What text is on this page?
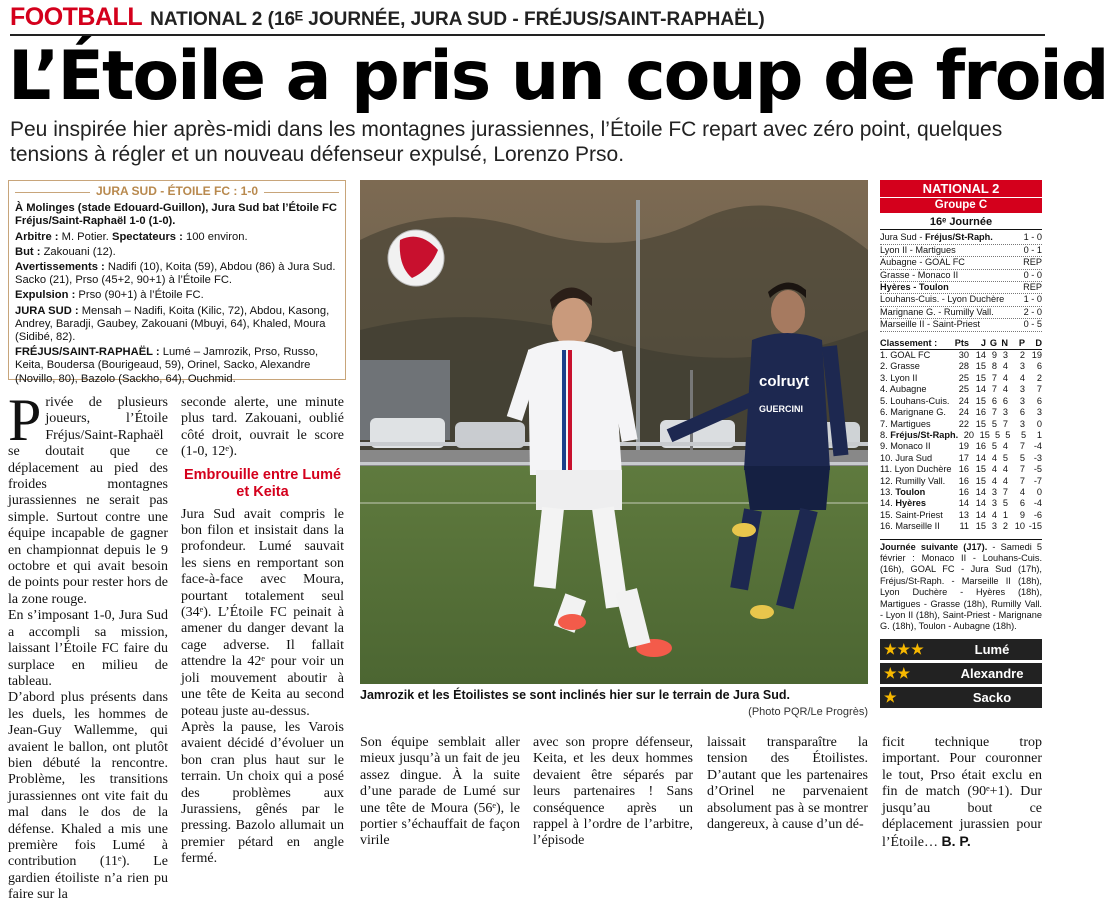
FOOTBALL NATIONAL 2 (16ᴱ JOURNÉE, JURA SUD - FRÉJUS/SAINT-RAPHAËL)
L’Étoile a pris un coup de froid

Peu inspirée hier après-midi dans les montagnes jurassiennes, l’Étoile FC repart avec zéro point, quelques tensions à régler et un nouveau défenseur expulsé, Lorenzo Prso.

JURA SUD - ÉTOILE FC : 1-0

À Molinges (stade Edouard-Guillon), Jura Sud bat l’Étoile FC Fréjus/Saint-Raphaël 1-0 (1-0).

Arbitre : M. Potier. Spectateurs : 100 environ.

But : Zakouani (12).

Avertissements : Nadifi (10), Koita (59), Abdou (86) à Jura Sud. Sacko (21), Prso (45+2, 90+1) à l’Étoile FC.

Expulsion : Prso (90+1) à l’Étoile FC.

JURA SUD : Mensah – Nadifi, Koita (Kilic, 72), Abdou, Kasong, Andrey, Baradji, Gaubey, Zakouani (Mbuyi, 64), Khaled, Moura (Sidibé, 82).

FRÉJUS/SAINT-RAPHAËL : Lumé – Jamrozik, Prso, Russo, Keita, Boudersa (Bourigeaud, 59), Orinel, Sacko, Alexandre (Novillo, 80), Bazolo (Sackho, 64), Ouchmid.

P rivée de plusieurs joueurs, l’Étoile Fréjus/Saint-Raphaël se doutait que ce déplacement au pied des froides montagnes jurassiennes ne serait pas simple. Surtout contre une équipe incapable de gagner en championnat depuis le 9 octobre et qui avait besoin de points pour rester hors de la zone rouge.

En s’imposant 1-0, Jura Sud a accompli sa mission, laissant l’Étoile FC faire du surplace en milieu de tableau.

D’abord plus présents dans les duels, les hommes de Jean-Guy Wallemme, qui avaient le ballon, ont plutôt bien débuté la rencontre. Problème, les transitions jurassiennes ont vite fait du mal dans le dos de la défense. Khaled a mis une première fois Lumé à contribution (11ᵉ). Le gardien étoiliste n’a rien pu faire sur la

seconde alerte, une minute plus tard. Zakouani, oublié côté droit, ouvrait le score (1-0, 12ᵉ).

Embrouille entre Lumé et Keita

Jura Sud avait compris le bon filon et insistait dans la profondeur. Lumé sauvait les siens en remportant son face-à-face avec Moura, pourtant totalement seul (34ᵉ). L’Étoile FC peinait à amener du danger devant la cage adverse. Il fallait attendre la 42ᵉ pour voir un joli mouvement aboutir à une tête de Keita au second poteau juste au-dessus.

Après la pause, les Varois avaient décidé d’évoluer un bon cran plus haut sur le terrain. Un choix qui a posé des problèmes aux Jurassiens, gênés par le pressing. Bazolo allumait un premier pétard en angle fermé.

Son équipe semblait aller mieux jusqu’à un fait de jeu assez dingue. À la suite d’une parade de Lumé sur une tête de Moura (56ᵉ), le portier s’échauffait de façon virile

avec son propre défenseur, Keita, et les deux hommes devaient être séparés par leurs partenaires ! Sans conséquence après un rappel à l’ordre de l’arbitre, l’épisode

laissait transparaître la tension des Étoilistes. D’autant que les partenaires d’Orinel ne parvenaient absolument pas à se montrer dangereux, à cause d’un dé-

ficit technique trop important. Pour couronner le tout, Prso était exclu en fin de match (90ᵉ+1). Dur jusqu’au bout ce déplacement jurassien pour l’Étoile… B. P.

colruyt
GUERCINI
Jamrozik et les Étoilistes se sont inclinés hier sur le terrain de Jura Sud.
(Photo PQR/Le Progrès)
NATIONAL 2
Groupe C
16ᵉ Journée
Jura Sud - Fréjus/St-Raph.	1 - 0
Lyon II - Martigues	0 - 1
Aubagne - GOAL FC	REP
Grasse - Monaco II	0 - 0
Hyères - Toulon	REP
Louhans-Cuis. - Lyon Duchère	1 - 0
Marignane G. - Rumilly Vall.	2 - 0
Marseille II - Saint-Priest	0 - 5
Classement :	Pts	J G N	P	D
1. GOAL FC	30 14 9 3	2 19
2. Grasse	28 15 8 4	3	6
3. Lyon II	25 15 7 4	4	2
4. Aubagne	25 14 7 4	3	7
5. Louhans-Cuis.	24 15 6 6	3	6
6. Marignane G.	24 16 7 3	6	3
7. Martigues	22 15 5 7	3	0
8. Fréjus/St-Raph. 20 15 5 5	5	1
9. Monaco II	19 16 5 4	7 -4
10. Jura Sud	17 14 4 5	5 -3
11. Lyon Duchère 16 15 4 4	7 -5
12. Rumilly Vall.	16 15 4 4	7 -7
13. Toulon	16 14 3 7	4	0
14. Hyères	14 14 3 5	6 -4
15. Saint-Priest	13 14 4 1	9 -6
16. Marseille II	11 15 3 2 10 -15
Journée suivante (J17). - Samedi 5 février : Monaco II - Louhans-Cuis. (16h), GOAL FC - Jura Sud (17h), Fréjus/St-Raph. - Marseille II (18h), Lyon Duchère - Hyères (18h), Martigues - Grasse (18h), Rumilly Vall. - Lyon II (18h), Saint-Priest - Marignane G. (18h), Toulon - Aubagne (18h).
★★★	Lumé
★★	Alexandre
★	Sacko
